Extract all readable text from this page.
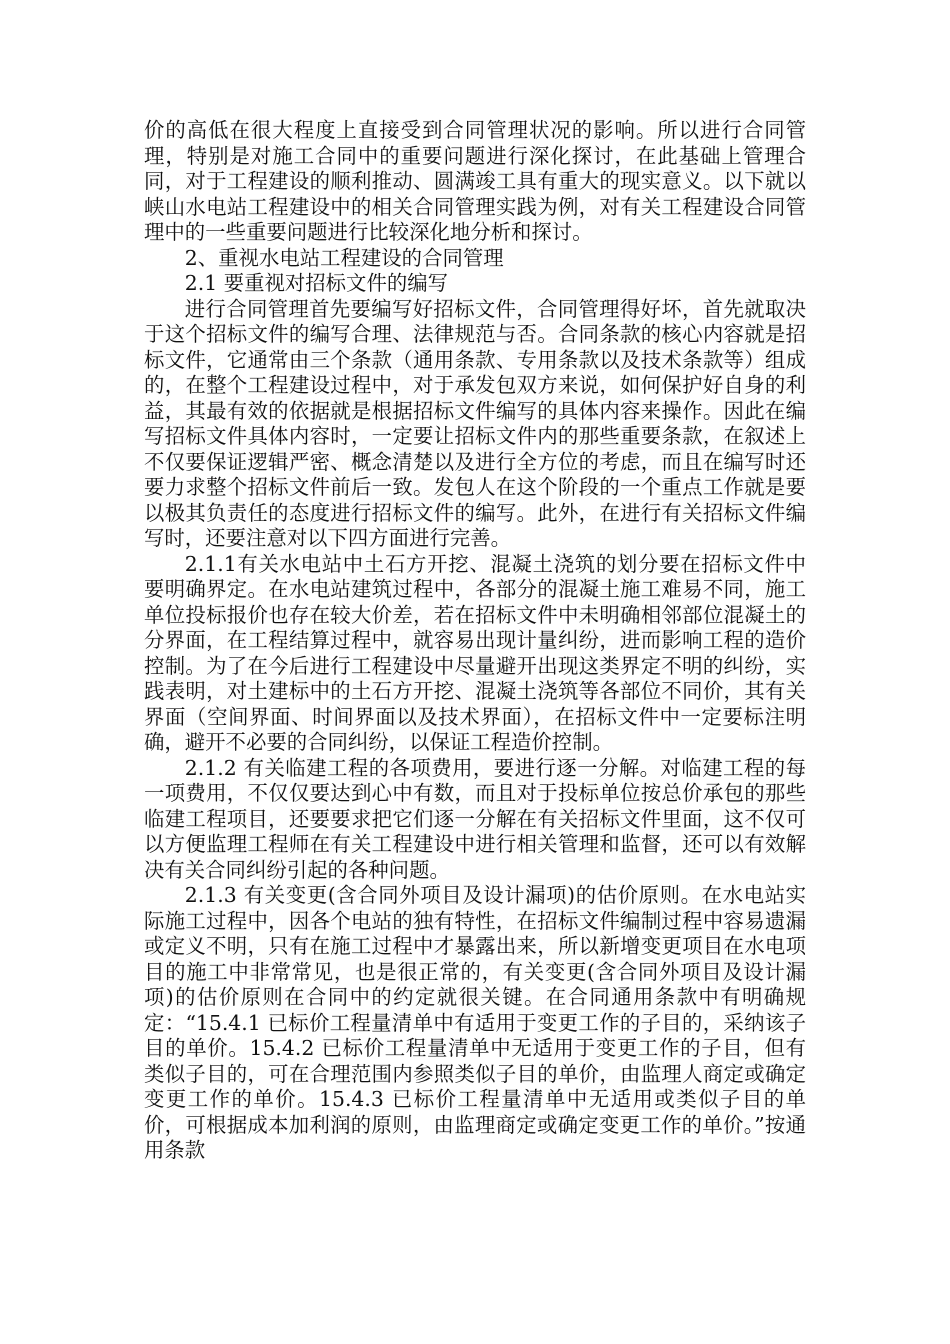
价的高低在很大程度上直接受到合同管理状况的影响。所以进行合同管理，特别是对施工合同中的重要问题进行深化探讨，在此基础上管理合同，对于工程建设的顺利推动、圆满竣工具有重大的现实意义。以下就以峡山水电站工程建设中的相关合同管理实践为例，对有关工程建设合同管理中的一些重要问题进行比较深化地分析和探讨。

2、重视水电站工程建设的合同管理

2.1 要重视对招标文件的编写

进行合同管理首先要编写好招标文件，合同管理得好坏，首先就取决于这个招标文件的编写合理、法律规范与否。合同条款的核心内容就是招标文件，它通常由三个条款（通用条款、专用条款以及技术条款等）组成的，在整个工程建设过程中，对于承发包双方来说，如何保护好自身的利益，其最有效的依据就是根据招标文件编写的具体内容来操作。因此在编写招标文件具体内容时，一定要让招标文件内的那些重要条款，在叙述上不仅要保证逻辑严密、概念清楚以及进行全方位的考虑，而且在编写时还要力求整个招标文件前后一致。发包人在这个阶段的一个重点工作就是要以极其负责任的态度进行招标文件的编写。此外，在进行有关招标文件编写时，还要注意对以下四方面进行完善。

2.1.1有关水电站中土石方开挖、混凝土浇筑的划分要在招标文件中要明确界定。在水电站建筑过程中，各部分的混凝土施工难易不同，施工单位投标报价也存在较大价差，若在招标文件中未明确相邻部位混凝土的分界面，在工程结算过程中，就容易出现计量纠纷，进而影响工程的造价控制。为了在今后进行工程建设中尽量避开出现这类界定不明的纠纷，实践表明，对土建标中的土石方开挖、混凝土浇筑等各部位不同价，其有关界面（空间界面、时间界面以及技术界面），在招标文件中一定要标注明确，避开不必要的合同纠纷，以保证工程造价控制。

2.1.2 有关临建工程的各项费用，要进行逐一分解。对临建工程的每一项费用，不仅仅要达到心中有数，而且对于投标单位按总价承包的那些临建工程项目，还要要求把它们逐一分解在有关招标文件里面，这不仅可以方便监理工程师在有关工程建设中进行相关管理和监督，还可以有效解决有关合同纠纷引起的各种问题。

2.1.3 有关变更(含合同外项目及设计漏项)的估价原则。在水电站实际施工过程中，因各个电站的独有特性，在招标文件编制过程中容易遗漏或定义不明，只有在施工过程中才暴露出来，所以新增变更项目在水电项目的施工中非常常见，也是很正常的，有关变更(含合同外项目及设计漏项)的估价原则在合同中的约定就很关键。在合同通用条款中有明确规定：“15.4.1 已标价工程量清单中有适用于变更工作的子目的，采纳该子目的单价。15.4.2 已标价工程量清单中无适用于变更工作的子目，但有类似子目的，可在合理范围内参照类似子目的单价，由监理人商定或确定变更工作的单价。15.4.3 已标价工程量清单中无适用或类似子目的单价，可根据成本加利润的原则，由监理商定或确定变更工作的单价。”按通用条款
